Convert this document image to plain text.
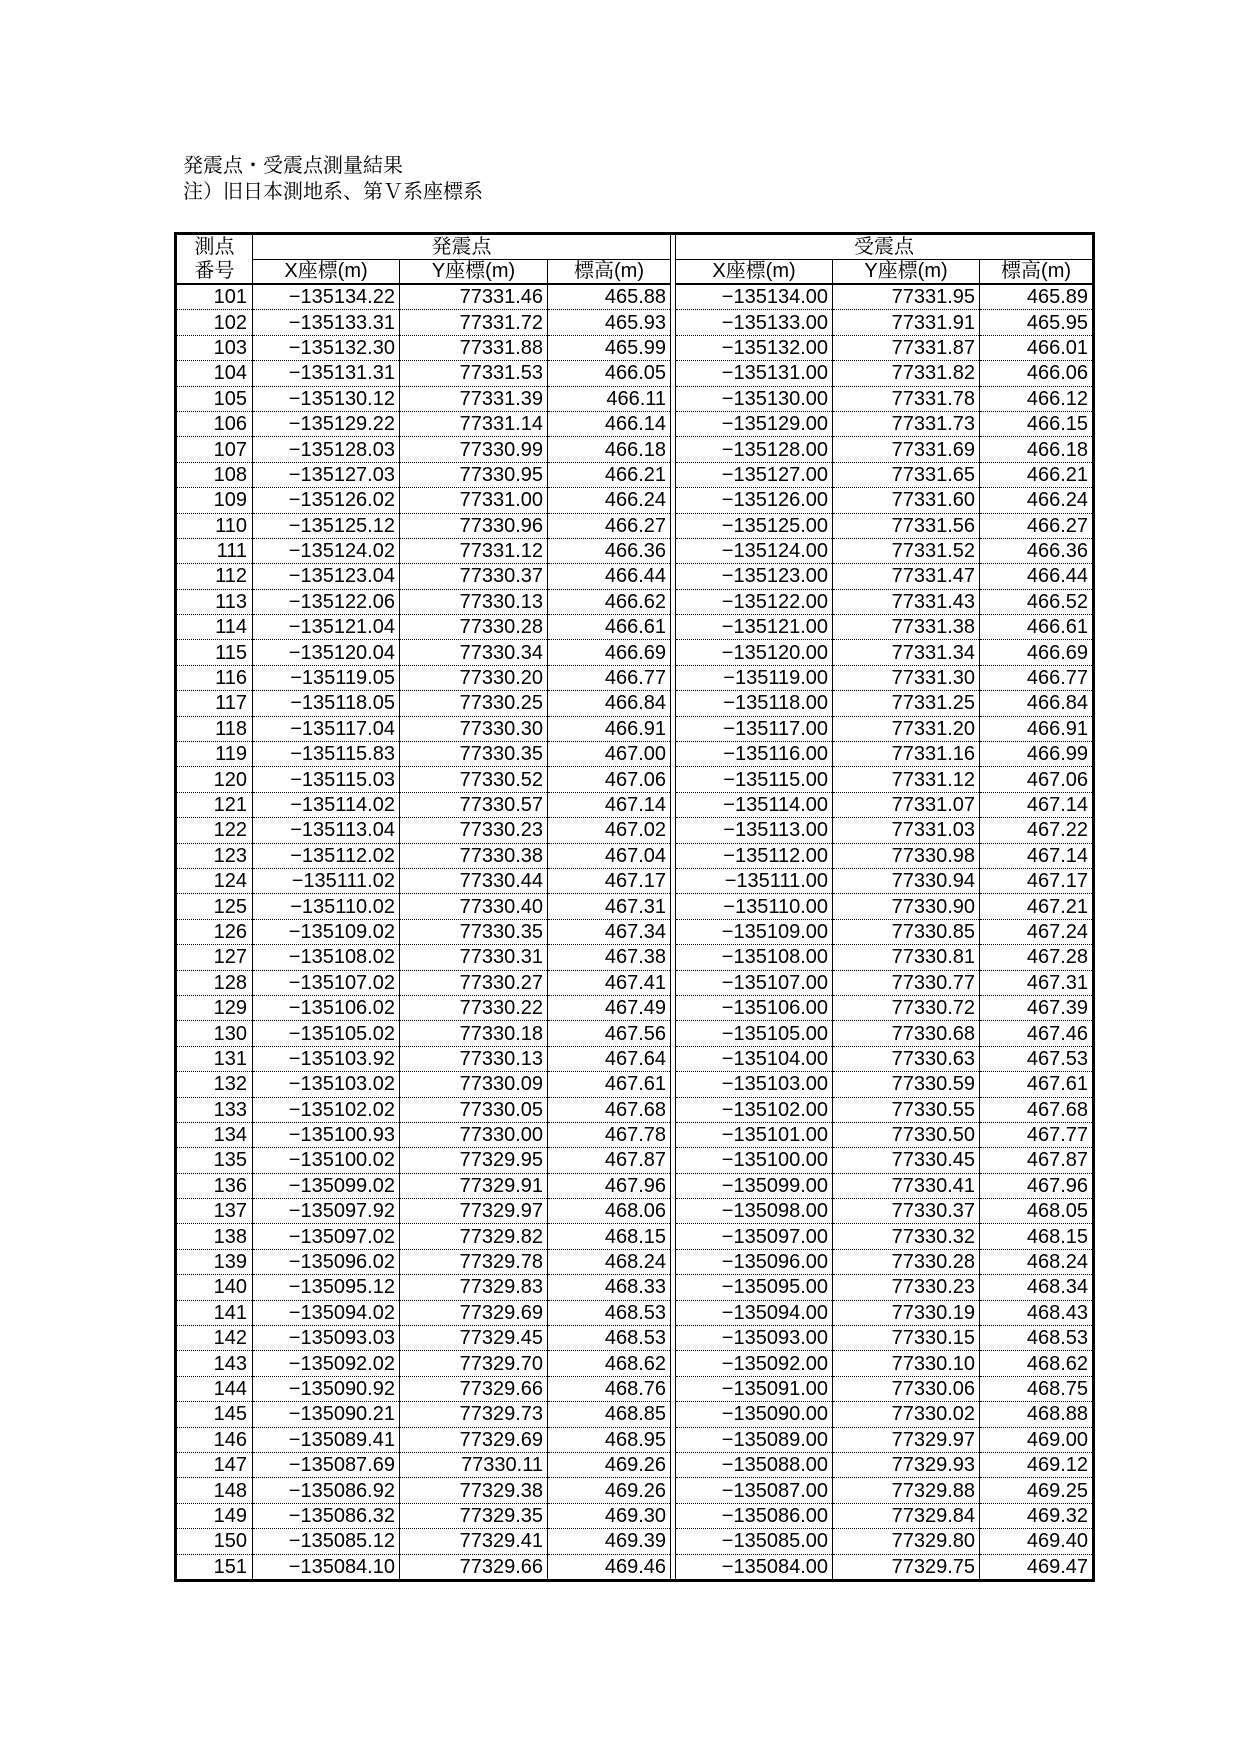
発震点・受震点測量結果
注）旧日本測地系、第Ｖ系座標系
測点
番号	発震点				受震点		
	X座標(m)	Y座標(m)	標高(m)		X座標(m)	Y座標(m)	標高(m)
101	−135134.22	77331.46	465.88		−135134.00	77331.95	465.89
102	−135133.31	77331.72	465.93		−135133.00	77331.91	465.95
103	−135132.30	77331.88	465.99		−135132.00	77331.87	466.01
104	−135131.31	77331.53	466.05		−135131.00	77331.82	466.06
105	−135130.12	77331.39	466.11		−135130.00	77331.78	466.12
106	−135129.22	77331.14	466.14		−135129.00	77331.73	466.15
107	−135128.03	77330.99	466.18		−135128.00	77331.69	466.18
108	−135127.03	77330.95	466.21		−135127.00	77331.65	466.21
109	−135126.02	77331.00	466.24		−135126.00	77331.60	466.24
110	−135125.12	77330.96	466.27		−135125.00	77331.56	466.27
111	−135124.02	77331.12	466.36		−135124.00	77331.52	466.36
112	−135123.04	77330.37	466.44		−135123.00	77331.47	466.44
113	−135122.06	77330.13	466.62		−135122.00	77331.43	466.52
114	−135121.04	77330.28	466.61		−135121.00	77331.38	466.61
115	−135120.04	77330.34	466.69		−135120.00	77331.34	466.69
116	−135119.05	77330.20	466.77		−135119.00	77331.30	466.77
117	−135118.05	77330.25	466.84		−135118.00	77331.25	466.84
118	−135117.04	77330.30	466.91		−135117.00	77331.20	466.91
119	−135115.83	77330.35	467.00		−135116.00	77331.16	466.99
120	−135115.03	77330.52	467.06		−135115.00	77331.12	467.06
121	−135114.02	77330.57	467.14		−135114.00	77331.07	467.14
122	−135113.04	77330.23	467.02		−135113.00	77331.03	467.22
123	−135112.02	77330.38	467.04		−135112.00	77330.98	467.14
124	−135111.02	77330.44	467.17		−135111.00	77330.94	467.17
125	−135110.02	77330.40	467.31		−135110.00	77330.90	467.21
126	−135109.02	77330.35	467.34		−135109.00	77330.85	467.24
127	−135108.02	77330.31	467.38		−135108.00	77330.81	467.28
128	−135107.02	77330.27	467.41		−135107.00	77330.77	467.31
129	−135106.02	77330.22	467.49		−135106.00	77330.72	467.39
130	−135105.02	77330.18	467.56		−135105.00	77330.68	467.46
131	−135103.92	77330.13	467.64		−135104.00	77330.63	467.53
132	−135103.02	77330.09	467.61		−135103.00	77330.59	467.61
133	−135102.02	77330.05	467.68		−135102.00	77330.55	467.68
134	−135100.93	77330.00	467.78		−135101.00	77330.50	467.77
135	−135100.02	77329.95	467.87		−135100.00	77330.45	467.87
136	−135099.02	77329.91	467.96		−135099.00	77330.41	467.96
137	−135097.92	77329.97	468.06		−135098.00	77330.37	468.05
138	−135097.02	77329.82	468.15		−135097.00	77330.32	468.15
139	−135096.02	77329.78	468.24		−135096.00	77330.28	468.24
140	−135095.12	77329.83	468.33		−135095.00	77330.23	468.34
141	−135094.02	77329.69	468.53		−135094.00	77330.19	468.43
142	−135093.03	77329.45	468.53		−135093.00	77330.15	468.53
143	−135092.02	77329.70	468.62		−135092.00	77330.10	468.62
144	−135090.92	77329.66	468.76		−135091.00	77330.06	468.75
145	−135090.21	77329.73	468.85		−135090.00	77330.02	468.88
146	−135089.41	77329.69	468.95		−135089.00	77329.97	469.00
147	−135087.69	77330.11	469.26		−135088.00	77329.93	469.12
148	−135086.92	77329.38	469.26		−135087.00	77329.88	469.25
149	−135086.32	77329.35	469.30		−135086.00	77329.84	469.32
150	−135085.12	77329.41	469.39		−135085.00	77329.80	469.40
151	−135084.10	77329.66	469.46		−135084.00	77329.75	469.47
